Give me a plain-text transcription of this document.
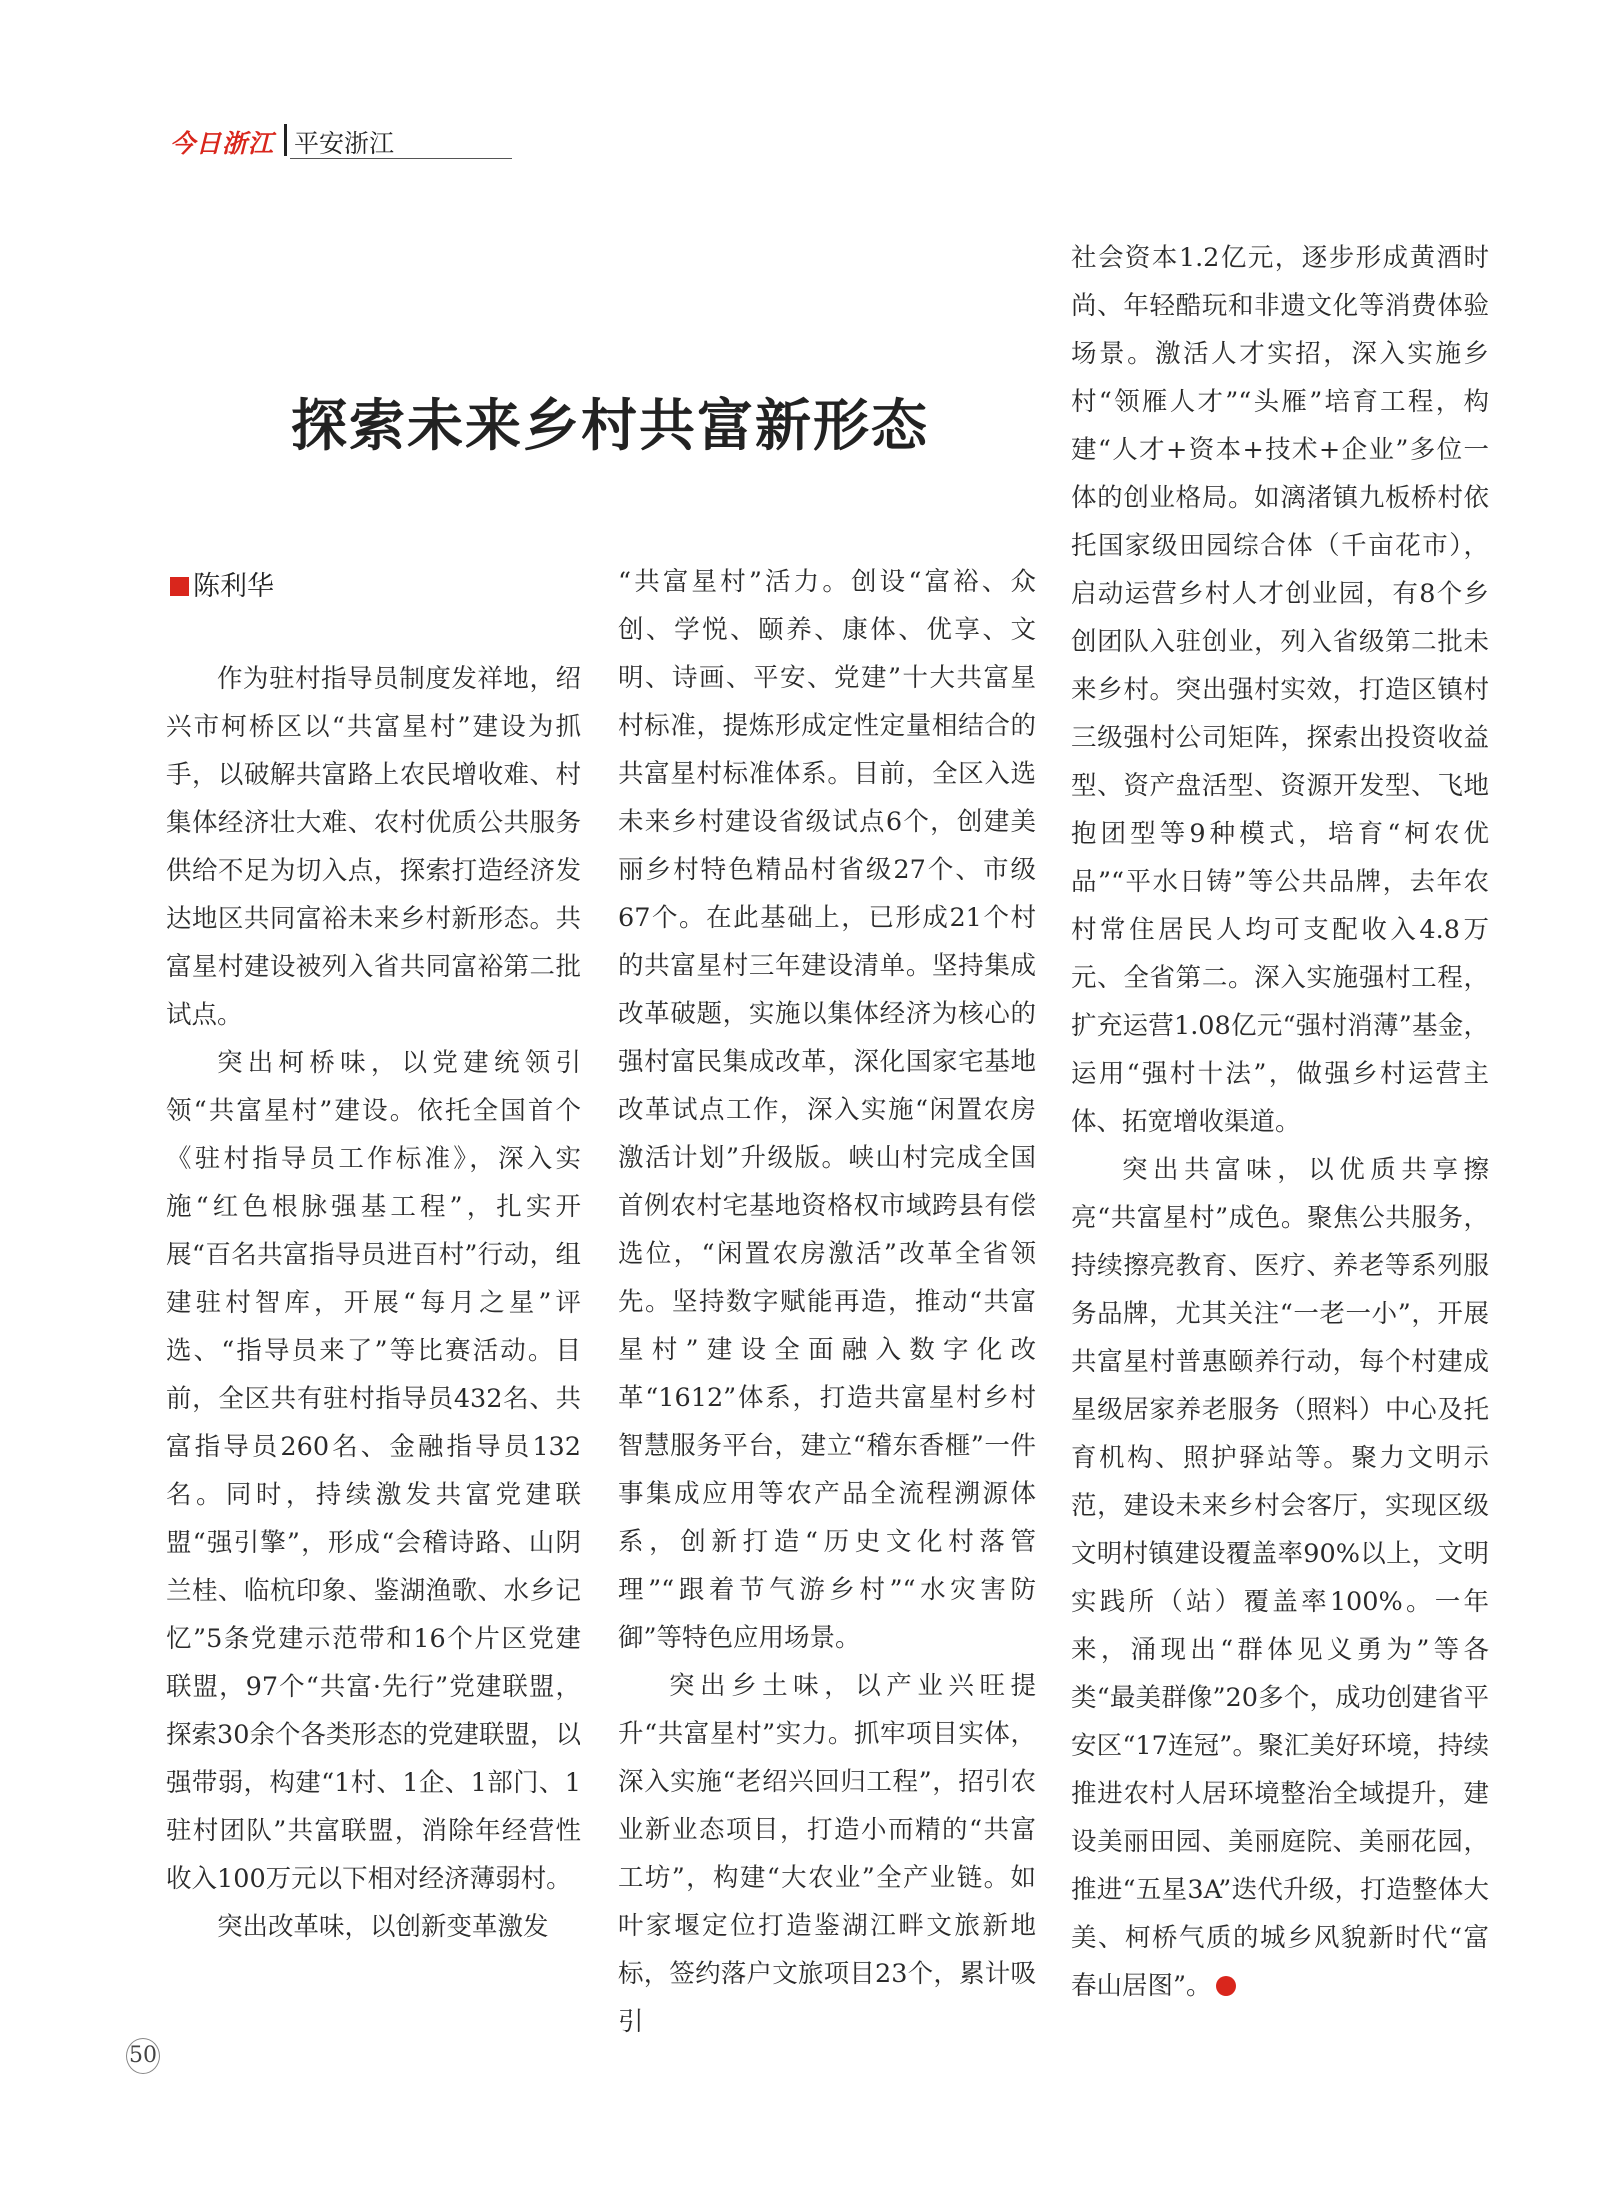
今日浙江 平安浙江
探索未来乡村共富新形态
陈利华

作为驻村指导员制度发祥地，绍兴市柯桥区以“共富星村”建设为抓手，以破解共富路上农民增收难、村集体经济壮大难、农村优质公共服务供给不足为切入点，探索打造经济发达地区共同富裕未来乡村新形态。共富星村建设被列入省共同富裕第二批试点。

突出柯桥味，以党建统领引领“共富星村”建设。依托全国首个《驻村指导员工作标准》，深入实施“红色根脉强基工程”，扎实开展“百名共富指导员进百村”行动，组建驻村智库，开展“每月之星”评选、“指导员来了”等比赛活动。目前，全区共有驻村指导员432名、共富指导员260名、金融指导员132名。同时，持续激发共富党建联盟“强引擎”，形成“会稽诗路、山阴兰桂、临杭印象、鉴湖渔歌、水乡记忆”5条党建示范带和16个片区党建联盟，97个“共富·先行”党建联盟，探索30余个各类形态的党建联盟，以强带弱，构建“1村、1企、1部门、1驻村团队”共富联盟，消除年经营性收入100万元以下相对经济薄弱村。

突出改革味，以创新变革激发

“共富星村”活力。创设“富裕、众创、学悦、颐养、康体、优享、文明、诗画、平安、党建”十大共富星村标准，提炼形成定性定量相结合的共富星村标准体系。目前，全区入选未来乡村建设省级试点6个，创建美丽乡村特色精品村省级27个、市级67个。在此基础上，已形成21个村的共富星村三年建设清单。坚持集成改革破题，实施以集体经济为核心的强村富民集成改革，深化国家宅基地改革试点工作，深入实施“闲置农房激活计划”升级版。峡山村完成全国首例农村宅基地资格权市域跨县有偿选位，“闲置农房激活”改革全省领先。坚持数字赋能再造，推动“共富星村”建设全面融入数字化改革“1612”体系，打造共富星村乡村智慧服务平台，建立“稽东香榧”一件事集成应用等农产品全流程溯源体系，创新打造“历史文化村落管理”“跟着节气游乡村”“水灾害防御”等特色应用场景。

突出乡土味，以产业兴旺提升“共富星村”实力。抓牢项目实体，深入实施“老绍兴回归工程”，招引农业新业态项目，打造小而精的“共富工坊”，构建“大农业”全产业链。如叶家堰定位打造鉴湖江畔文旅新地标，签约落户文旅项目23个，累计吸引

社会资本1.2亿元，逐步形成黄酒时尚、年轻酷玩和非遗文化等消费体验场景。激活人才实招，深入实施乡村“领雁人才”“头雁”培育工程，构建“人才+资本+技术+企业”多位一体的创业格局。如漓渚镇九板桥村依托国家级田园综合体（千亩花市），启动运营乡村人才创业园，有8个乡创团队入驻创业，列入省级第二批未来乡村。突出强村实效，打造区镇村三级强村公司矩阵，探索出投资收益型、资产盘活型、资源开发型、飞地抱团型等9种模式，培育“柯农优品”“平水日铸”等公共品牌，去年农村常住居民人均可支配收入4.8万元、全省第二。深入实施强村工程，扩充运营1.08亿元“强村消薄”基金，运用“强村十法”，做强乡村运营主体、拓宽增收渠道。

突出共富味，以优质共享擦亮“共富星村”成色。聚焦公共服务，持续擦亮教育、医疗、养老等系列服务品牌，尤其关注“一老一小”，开展共富星村普惠颐养行动，每个村建成星级居家养老服务（照料）中心及托育机构、照护驿站等。聚力文明示范，建设未来乡村会客厅，实现区级文明村镇建设覆盖率90%以上，文明实践所（站）覆盖率100%。一年来，涌现出“群体见义勇为”等各类“最美群像”20多个，成功创建省平安区“17连冠”。聚汇美好环境，持续推进农村人居环境整治全域提升，建设美丽田园、美丽庭院、美丽花园，推进“五星3A”迭代升级，打造整体大美、柯桥气质的城乡风貌新时代“富春山居图”。

50
